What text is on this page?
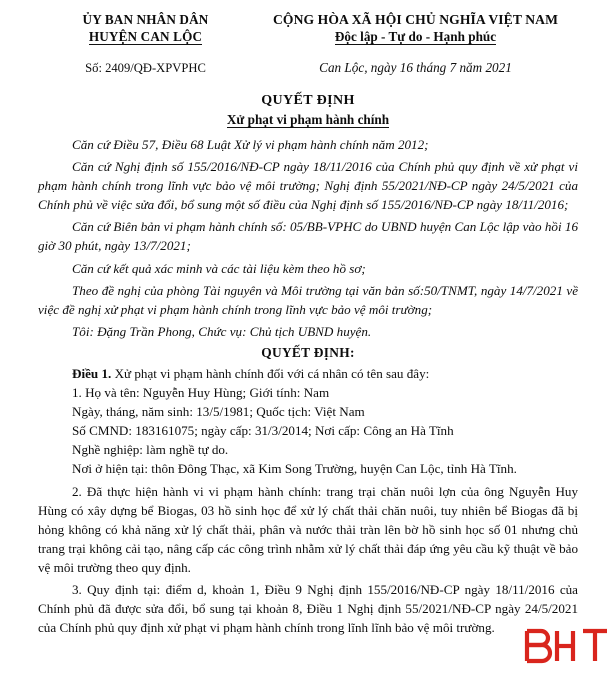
ỦY BAN NHÂN DÂN
HUYỆN CAN LỘC
CỘNG HÒA XÃ HỘI CHỦ NGHĨA VIỆT NAM
Độc lập - Tự do - Hạnh phúc
Số: 2409/QĐ-XPVPHC	Can Lộc, ngày 16 tháng 7 năm 2021
QUYẾT ĐỊNH
Xử phạt vi phạm hành chính

Căn cứ Điều 57, Điều 68 Luật Xử lý vi phạm hành chính năm 2012;

Căn cứ Nghị định số 155/2016/NĐ-CP ngày 18/11/2016 của Chính phủ quy định về xử phạt vi phạm hành chính trong lĩnh vực bảo vệ môi trường; Nghị định 55/2021/NĐ-CP ngày 24/5/2021 của Chính phủ về việc sửa đổi, bổ sung một số điều của Nghị định số 155/2016/NĐ-CP ngày 18/11/2016;

Căn cứ Biên bản vi phạm hành chính số: 05/BB-VPHC do UBND huyện Can Lộc lập vào hồi 16 giờ 30 phút, ngày 13/7/2021;

Căn cứ kết quả xác minh và các tài liệu kèm theo hồ sơ;

Theo đề nghị của phòng Tài nguyên và Môi trường tại văn bản số:50/TNMT, ngày 14/7/2021 về việc đề nghị xử phạt vi phạm hành chính trong lĩnh vực bảo vệ môi trường;

Tôi: Đặng Trần Phong, Chức vụ: Chủ tịch UBND huyện.

QUYẾT ĐỊNH:

Điều 1. Xử phạt vi phạm hành chính đối với cá nhân có tên sau đây:

1. Họ và tên: Nguyễn Huy Hùng; Giới tính: Nam

Ngày, tháng, năm sinh: 13/5/1981; Quốc tịch: Việt Nam

Số CMND: 183161075; ngày cấp: 31/3/2014; Nơi cấp: Công an Hà Tĩnh

Nghề nghiệp: làm nghề tự do.

Nơi ở hiện tại: thôn Đông Thạc, xã Kim Song Trường, huyện Can Lộc, tỉnh Hà Tĩnh.

2. Đã thực hiện hành vi vi phạm hành chính: trang trại chăn nuôi lợn của ông Nguyễn Huy Hùng có xây dựng bể Biogas, 03 hồ sinh học để xử lý chất thải chăn nuôi, tuy nhiên bể Biogas đã bị hỏng không có khả năng xử lý chất thải, phân và nước thải tràn lên bờ hồ sinh học số 01 nhưng chủ trang trại không cải tạo, nâng cấp các công trình nhằm xử lý chất thải đáp ứng yêu cầu kỹ thuật về bảo vệ môi trường theo quy định.

3. Quy định tại: điểm d, khoản 1, Điều 9 Nghị định 155/2016/NĐ-CP ngày 18/11/2016 của Chính phủ đã được sửa đổi, bổ sung tại khoản 8, Điều 1 Nghị định 55/2021/NĐ-CP ngày 24/5/2021 của Chính phủ quy định xử phạt vi phạm hành chính trong lĩnh lĩnh bảo vệ môi trường.
